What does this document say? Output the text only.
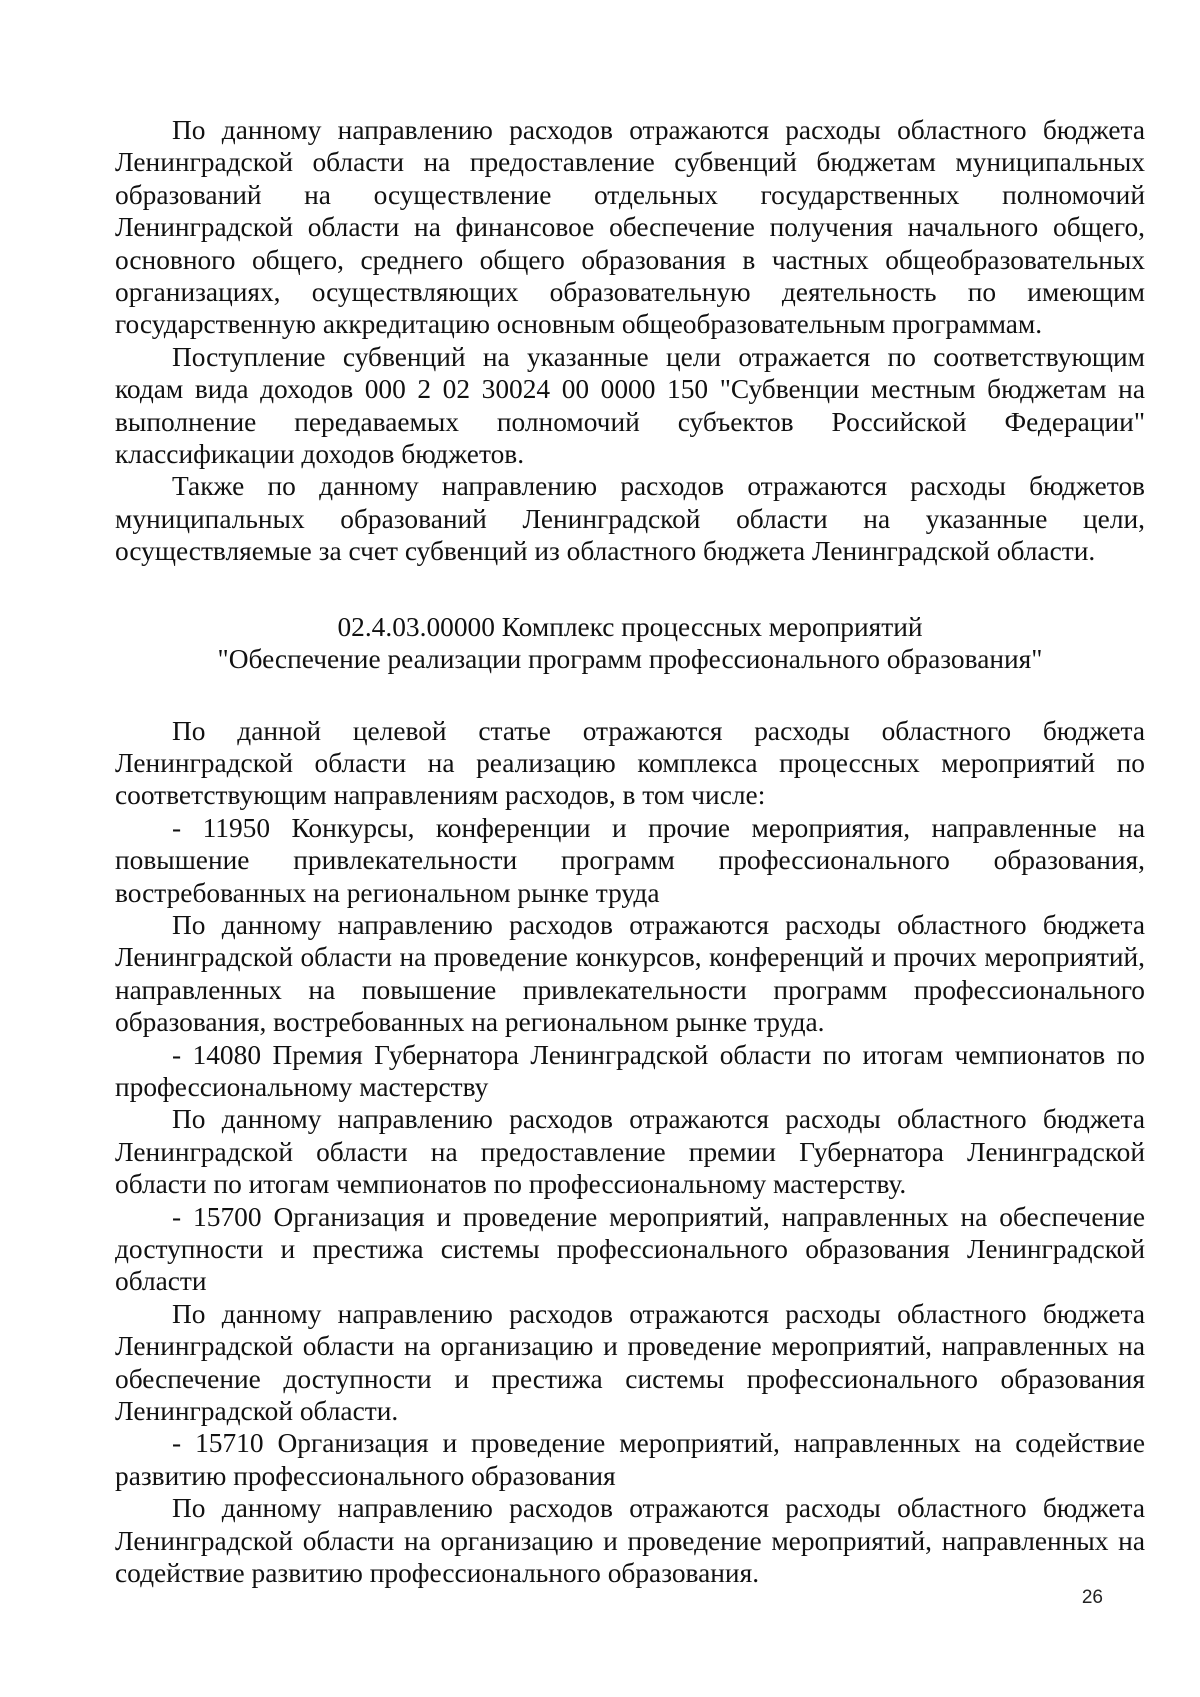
По данному направлению расходов отражаются расходы областного бюджета Ленинградской области на предоставление субвенций бюджетам муниципальных образований на осуществление отдельных государственных полномочий Ленинградской области на финансовое обеспечение получения начального общего, основного общего, среднего общего образования в частных общеобразовательных организациях, осуществляющих образовательную деятельность по имеющим государственную аккредитацию основным общеобразовательным программам.

Поступление субвенций на указанные цели отражается по соответствующим кодам вида доходов 000 2 02 30024 00 0000 150 "Субвенции местным бюджетам на выполнение передаваемых полномочий субъектов Российской Федерации" классификации доходов бюджетов.

Также по данному направлению расходов отражаются расходы бюджетов муниципальных образований Ленинградской области на указанные цели, осуществляемые за счет субвенций из областного бюджета Ленинградской области.

02.4.03.00000 Комплекс процессных мероприятий
"Обеспечение реализации программ профессионального образования"

По данной целевой статье отражаются расходы областного бюджета Ленинградской области на реализацию комплекса процессных мероприятий по соответствующим направлениям расходов, в том числе:

- 11950 Конкурсы, конференции и прочие мероприятия, направленные на повышение привлекательности программ профессионального образования, востребованных на региональном рынке труда

По данному направлению расходов отражаются расходы областного бюджета Ленинградской области на проведение конкурсов, конференций и прочих мероприятий, направленных на повышение привлекательности программ профессионального образования, востребованных на региональном рынке труда.

- 14080 Премия Губернатора Ленинградской области по итогам чемпионатов по профессиональному мастерству

По данному направлению расходов отражаются расходы областного бюджета Ленинградской области на предоставление премии Губернатора Ленинградской области по итогам чемпионатов по профессиональному мастерству.

- 15700 Организация и проведение мероприятий, направленных на обеспечение доступности и престижа системы профессионального образования Ленинградской области

По данному направлению расходов отражаются расходы областного бюджета Ленинградской области на организацию и проведение мероприятий, направленных на обеспечение доступности и престижа системы профессионального образования Ленинградской области.

- 15710 Организация и проведение мероприятий, направленных на содействие развитию профессионального образования

По данному направлению расходов отражаются расходы областного бюджета Ленинградской области на организацию и проведение мероприятий, направленных на содействие развитию профессионального образования.

26
